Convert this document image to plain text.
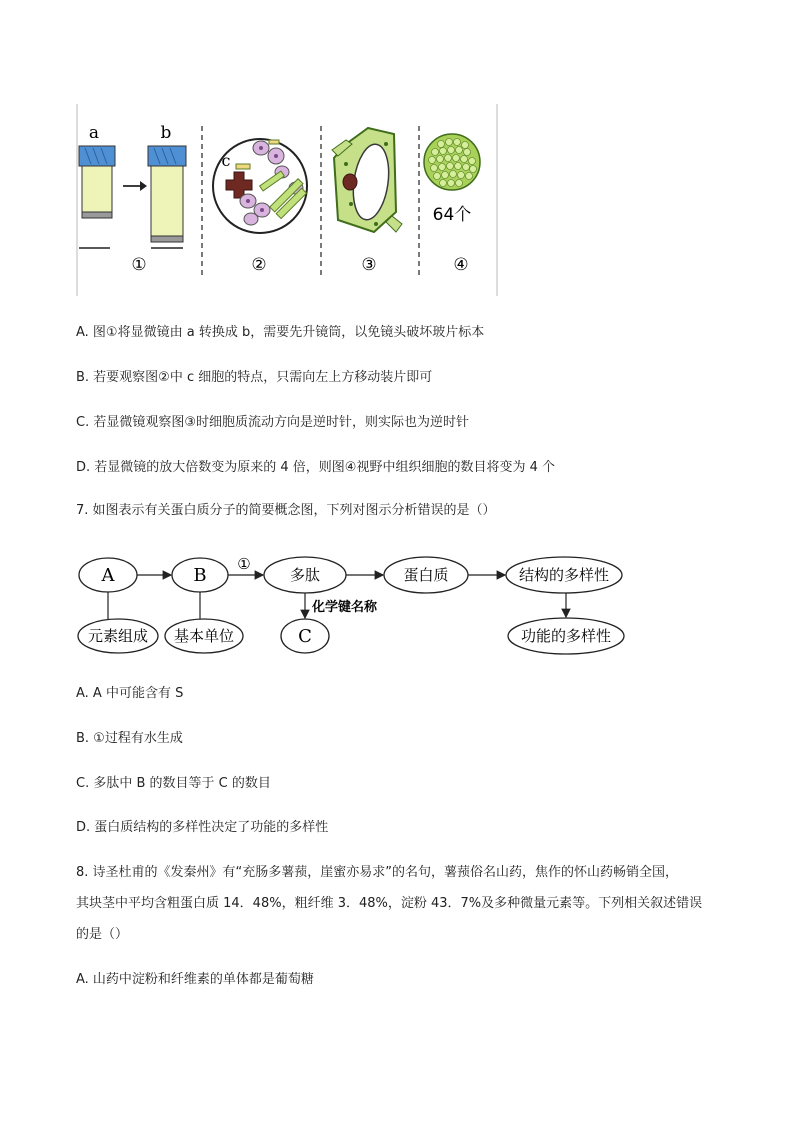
a	b
①
c
②	③
64个
④
A. 图①将显微镜由 a 转换成 b，需要先升镜筒，以免镜头破坏玻片标本
B. 若要观察图②中 c 细胞的特点，只需向左上方移动装片即可
C. 若显微镜观察图③时细胞质流动方向是逆时针，则实际也为逆时针
D. 若显微镜的放大倍数变为原来的 4 倍，则图④视野中组织细胞的数目将变为 4 个
7. 如图表示有关蛋白质分子的简要概念图，下列对图示分析错误的是（）
A	B	多肽	蛋白质	结构的多样性
元素组成 基本单位	C	功能的多样性
①
化学键名称
A. A 中可能含有 S
B. ①过程有水生成
C. 多肽中 B 的数目等于 C 的数目
D. 蛋白质结构的多样性决定了功能的多样性
8. 诗圣杜甫的《发秦州》有“充肠多薯蓣，崖蜜亦易求”的名句，薯蓣俗名山药，焦作的怀山药畅销全国，
其块茎中平均含粗蛋白质 14．48%，粗纤维 3．48%，淀粉 43．7%及多种微量元素等。下列相关叙述错误
的是（）
A. 山药中淀粉和纤维素的单体都是葡萄糖
